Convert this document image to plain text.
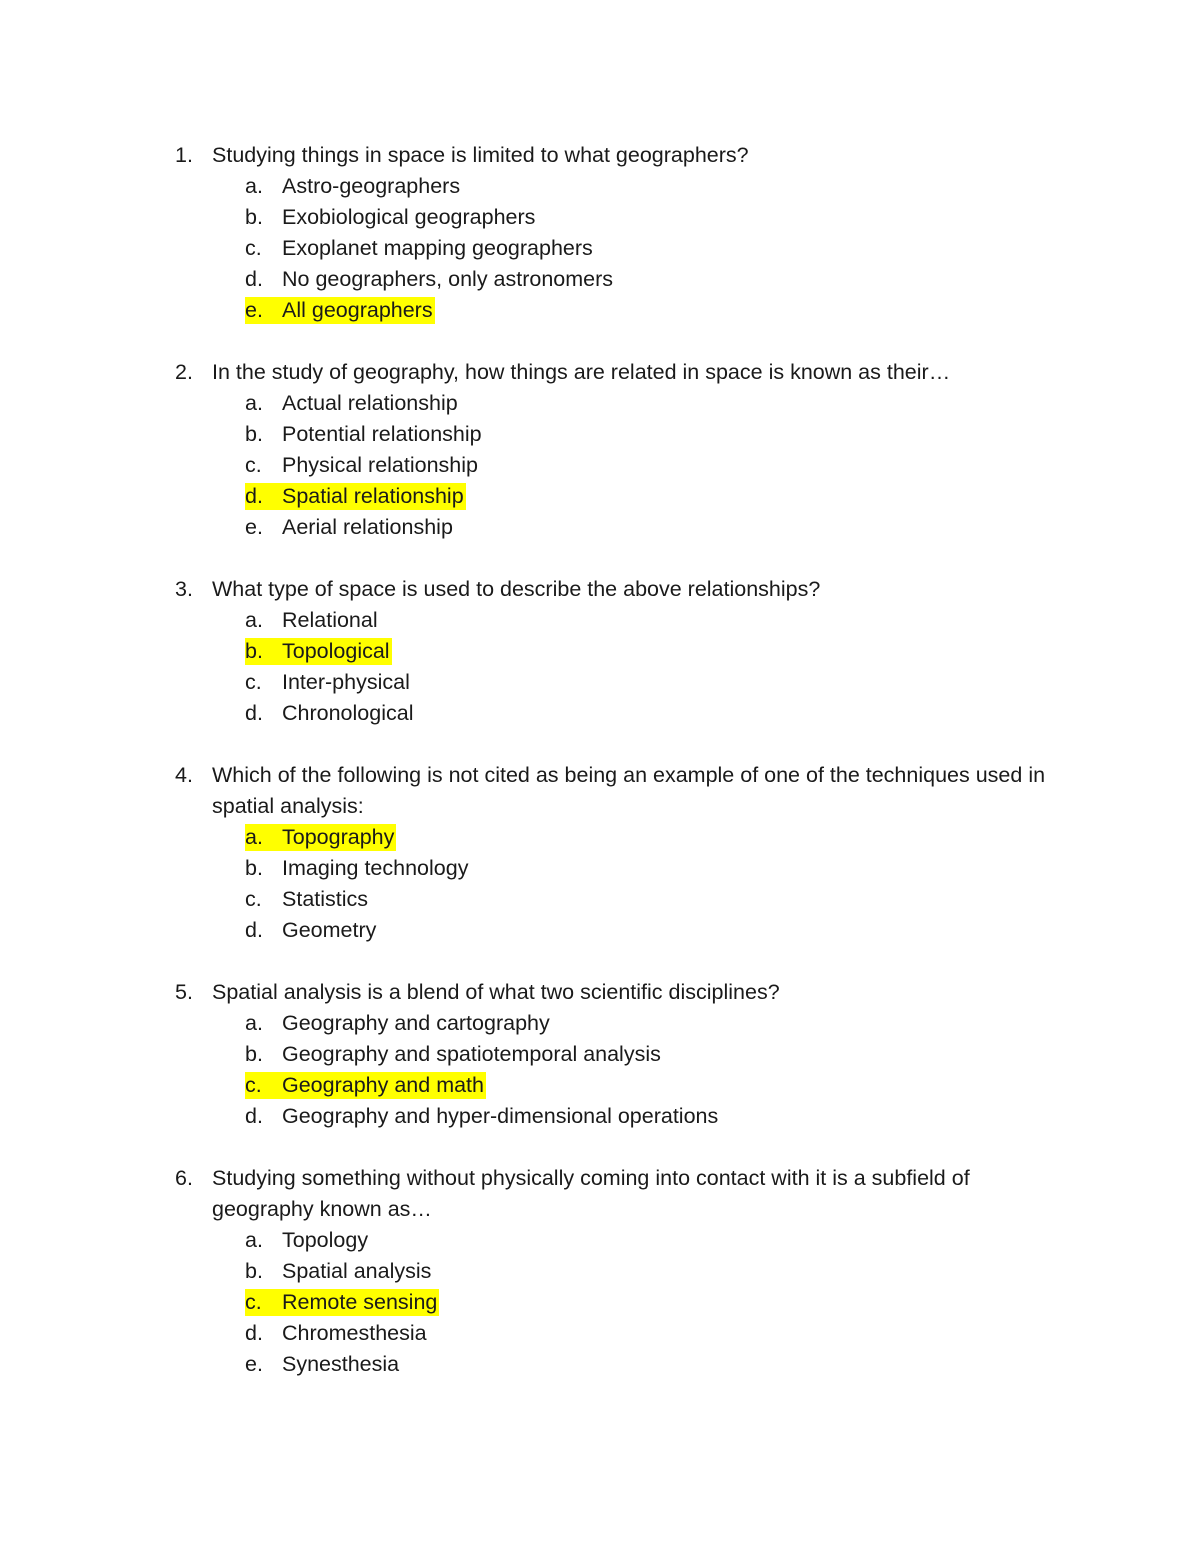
1. Studying things in space is limited to what geographers?
a. Astro-geographers
b. Exobiological geographers
c. Exoplanet mapping geographers
d. No geographers, only astronomers
e. All geographers
2. In the study of geography, how things are related in space is known as their…
a. Actual relationship
b. Potential relationship
c. Physical relationship
d. Spatial relationship
e. Aerial relationship
3. What type of space is used to describe the above relationships?
a. Relational
b. Topological
c. Inter-physical
d. Chronological
4. Which of the following is not cited as being an example of one of the techniques used in spatial analysis:
a. Topography
b. Imaging technology
c. Statistics
d. Geometry
5. Spatial analysis is a blend of what two scientific disciplines?
a. Geography and cartography
b. Geography and spatiotemporal analysis
c. Geography and math
d. Geography and hyper-dimensional operations
6. Studying something without physically coming into contact with it is a subfield of geography known as…
a. Topology
b. Spatial analysis
c. Remote sensing
d. Chromesthesia
e. Synesthesia
